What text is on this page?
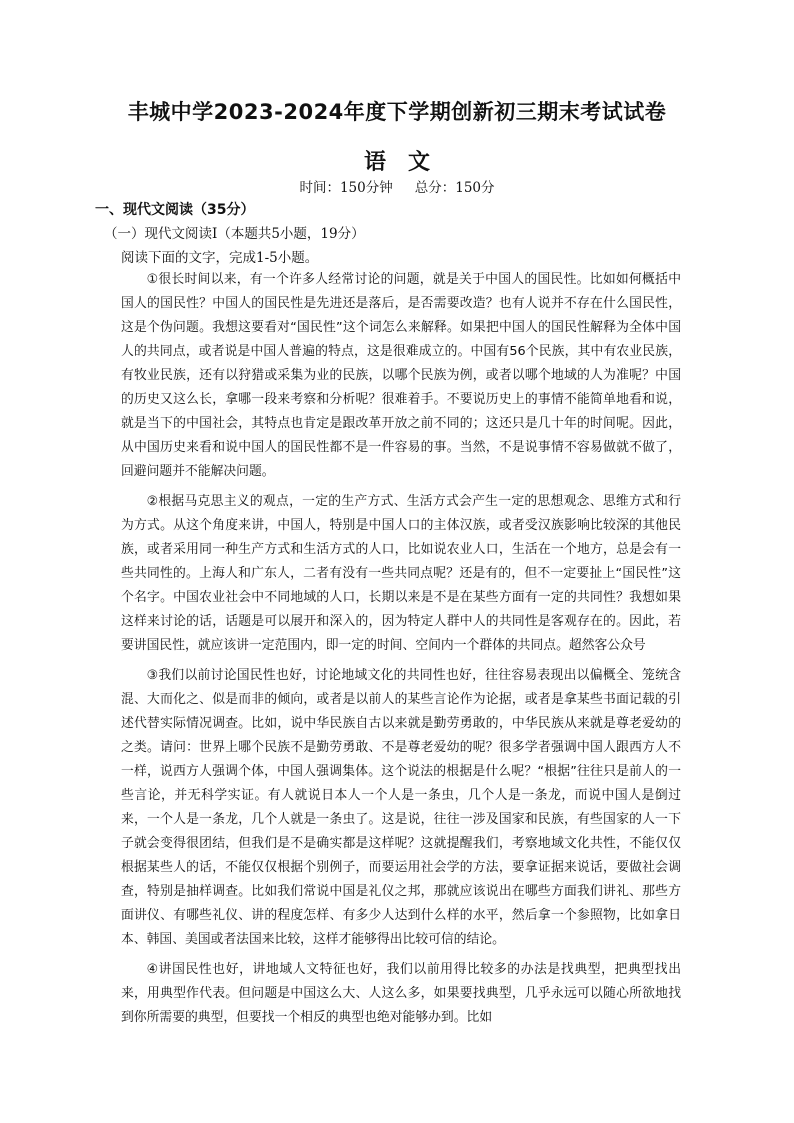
丰城中学2023-2024年度下学期创新初三期末考试试卷
语文
时间：150分钟 总分：150分
一、现代文阅读（35分）
（一）现代文阅读Ⅰ（本题共5小题，19分）
阅读下面的文字，完成1-5小题。

①很长时间以来，有一个许多人经常讨论的问题，就是关于中国人的国民性。比如如何概括中国人的国民性？中国人的国民性是先进还是落后，是否需要改造？也有人说并不存在什么国民性，这是个伪问题。我想这要看对“国民性”这个词怎么来解释。如果把中国人的国民性解释为全体中国人的共同点，或者说是中国人普遍的特点，这是很难成立的。中国有56个民族，其中有农业民族，有牧业民族，还有以狩猎或采集为业的民族，以哪个民族为例，或者以哪个地域的人为准呢？中国的历史又这么长，拿哪一段来考察和分析呢？很难着手。不要说历史上的事情不能简单地看和说，就是当下的中国社会，其特点也肯定是跟改革开放之前不同的；这还只是几十年的时间呢。因此，从中国历史来看和说中国人的国民性都不是一件容易的事。当然，不是说事情不容易做就不做了，回避问题并不能解决问题。

②根据马克思主义的观点，一定的生产方式、生活方式会产生一定的思想观念、思维方式和行为方式。从这个角度来讲，中国人，特别是中国人口的主体汉族，或者受汉族影响比较深的其他民族，或者采用同一种生产方式和生活方式的人口，比如说农业人口，生活在一个地方，总是会有一些共同性的。上海人和广东人，二者有没有一些共同点呢？还是有的，但不一定要扯上“国民性”这个名字。中国农业社会中不同地域的人口，长期以来是不是在某些方面有一定的共同性？我想如果这样来讨论的话，话题是可以展开和深入的，因为特定人群中人的共同性是客观存在的。因此，若要讲国民性，就应该讲一定范围内，即一定的时间、空间内一个群体的共同点。超然客公众号

③我们以前讨论国民性也好，讨论地域文化的共同性也好，往往容易表现出以偏概全、笼统含混、大而化之、似是而非的倾向，或者是以前人的某些言论作为论据，或者是拿某些书面记载的引述代替实际情况调查。比如，说中华民族自古以来就是勤劳勇敢的，中华民族从来就是尊老爱幼的之类。请问：世界上哪个民族不是勤劳勇敢、不是尊老爱幼的呢？很多学者强调中国人跟西方人不一样，说西方人强调个体，中国人强调集体。这个说法的根据是什么呢？“根据”往往只是前人的一些言论，并无科学实证。有人就说日本人一个人是一条虫，几个人是一条龙，而说中国人是倒过来，一个人是一条龙，几个人就是一条虫了。这是说，往往一涉及国家和民族，有些国家的人一下子就会变得很团结，但我们是不是确实都是这样呢？这就提醒我们，考察地域文化共性，不能仅仅根据某些人的话，不能仅仅根据个别例子，而要运用社会学的方法，要拿证据来说话，要做社会调查，特别是抽样调查。比如我们常说中国是礼仪之邦，那就应该说出在哪些方面我们讲礼、那些方面讲仪、有哪些礼仪、讲的程度怎样、有多少人达到什么样的水平，然后拿一个参照物，比如拿日本、韩国、美国或者法国来比较，这样才能够得出比较可信的结论。

④讲国民性也好，讲地域人文特征也好，我们以前用得比较多的办法是找典型，把典型找出来，用典型作代表。但问题是中国这么大、人这么多，如果要找典型，几乎永远可以随心所欲地找到你所需要的典型，但要找一个相反的典型也绝对能够办到。比如
